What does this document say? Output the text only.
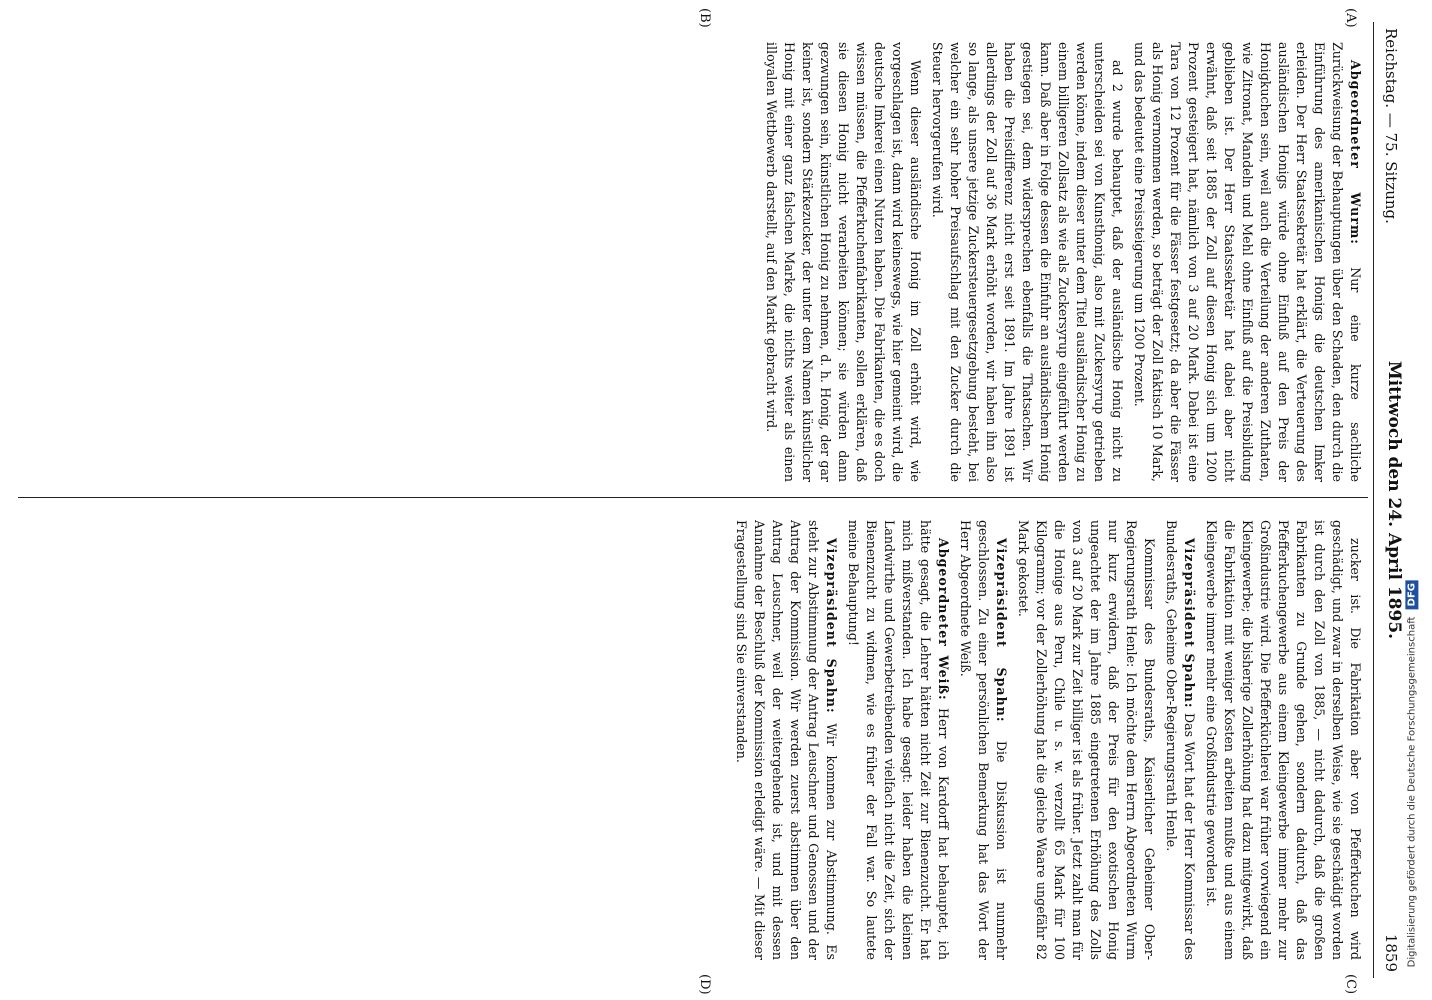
Reichstag. — 75. Sitzung.
Mittwoch den 24. April 1895.
1859
(A)
(B)
(C)
(D)

Abgeordneter Wurm: Nur eine kurze sachliche Zurückweisung der Behauptungen über den Schaden, den durch die Einführung des amerikanischen Honigs die deutschen Imker erleiden. Der Herr Staatssekretär hat erklärt, die Verteuerung des ausländischen Honigs würde ohne Einfluß auf den Preis der Honigkuchen sein, weil auch die Verteilung der anderen Zuthaten, wie Zitronat, Mandeln und Mehl ohne Einfluß auf die Preisbildung geblieben ist. Der Herr Staatssekretär hat dabei aber nicht erwähnt, daß seit 1885 der Zoll auf diesen Honig sich um 1200 Prozent gesteigert hat, nämlich von 3 auf 20 Mark. Dabei ist eine Tara von 12 Prozent für die Fässer festgesetzt; da aber die Fässer als Honig vernommen werden, so beträgt der Zoll faktisch 10 Mark, und das bedeutet eine Preissteigerung um 1200 Prozent.

ad 2 wurde behauptet, daß der ausländische Honig nicht zu unterscheiden sei von Kunsthonig, also mit Zuckersyrup getrieben werden könne, indem dieser unter dem Titel ausländischer Honig zu einem billigeren Zollsatz als wie als Zuckersyrup eingeführt werden kann. Daß aber in Folge dessen die Einfuhr an ausländischem Honig gestiegen sei, dem widersprechen ebenfalls die Thatsachen. Wir haben die Preisdifferenz nicht erst seit 1891. Im Jahre 1891 ist allerdings der Zoll auf 36 Mark erhöht worden, wir haben ihn also so lange, als unsere jetzige Zuckersteuergesetzgebung besteht, bei welcher ein sehr hoher Preisaufschlag mit den Zucker durch die Steuer hervorgerufen wird.

Wenn dieser ausländische Honig im Zoll erhöht wird, wie vorgeschlagen ist, dann wird keineswegs, wie hier gemeint wird, die deutsche Imkerei einen Nutzen haben. Die Fabrikanten, die es doch wissen müssen, die Pfefferkuchenfabrikanten, sollen erklären, daß sie diesen Honig nicht verarbeiten können; sie würden dann gezwungen sein, künstlichen Honig zu nehmen, d. h. Honig, der gar keiner ist, sondern Stärkezucker, der unter dem Namen künstlicher Honig mit einer ganz falschen Marke, die nichts weiter als einen illoyalen Wettbewerb darstellt, auf den Markt gebracht wird.

zucker ist. Die Fabrikation aber von Pfefferkuchen wird geschädigt, und zwar in derselben Weise, wie sie geschädigt worden ist durch den Zoll von 1885, — nicht dadurch, daß die großen Fabrikanten zu Grunde gehen, sondern dadurch, daß das Pfefferkuchengewerbe aus einem Kleingewerbe immer mehr zur Großindustrie wird. Die Pfefferküchlerei war früher vorwiegend ein Kleingewerbe; die bisherige Zollerhöhung hat dazu mitgewirkt, daß die Fabrikation mit weniger Kosten arbeiten mußte und aus einem Kleingewerbe immer mehr eine Großindustrie geworden ist.

Vizepräsident Spahn: Das Wort hat der Herr Kommissar des Bundesraths, Geheime Ober-Regierungsrath Henle.

Kommissar des Bundesraths, Kaiserlicher Geheimer Ober-Regierungsrath Henle: Ich möchte dem Herrn Abgeordneten Wurm nur kurz erwidern, daß der Preis für den exotischen Honig ungeachtet der im Jahre 1885 eingetretenen Erhöhung des Zolls von 3 auf 20 Mark zur Zeit billiger ist als früher. Jetzt zahlt man für die Honige aus Peru, Chile u. s. w. verzollt 65 Mark für 100 Kilogramm; vor der Zollerhöhung hat die gleiche Waare ungefähr 82 Mark gekostet.

Vizepräsident Spahn: Die Diskussion ist nunmehr geschlossen. Zu einer persönlichen Bemerkung hat das Wort der Herr Abgeordnete Weiß.

Abgeordneter Weiß: Herr von Kardorff hat behauptet, ich hätte gesagt, die Lehrer hätten nicht Zeit zur Bienenzucht. Er hat mich mißverstanden. Ich habe gesagt: leider haben die kleinen Landwirthe und Gewerbetreibenden vielfach nicht die Zeit, sich der Bienenzucht zu widmen, wie es früher der Fall war. So lautete meine Behauptung!

Vizepräsident Spahn: Wir kommen zur Abstimmung. Es steht zur Abstimmung der Antrag Leuschner und Genossen und der Antrag der Kommission. Wir werden zuerst abstimmen über den Antrag Leuschner, weil der weitergehende ist, und mit dessen Annahme der Beschluß der Kommission erledigt wäre. — Mit dieser Fragestellung sind Sie einverstanden.	Digitalisierung gefördert durch die Deutsche Forschungsgemeinschaft DFG
